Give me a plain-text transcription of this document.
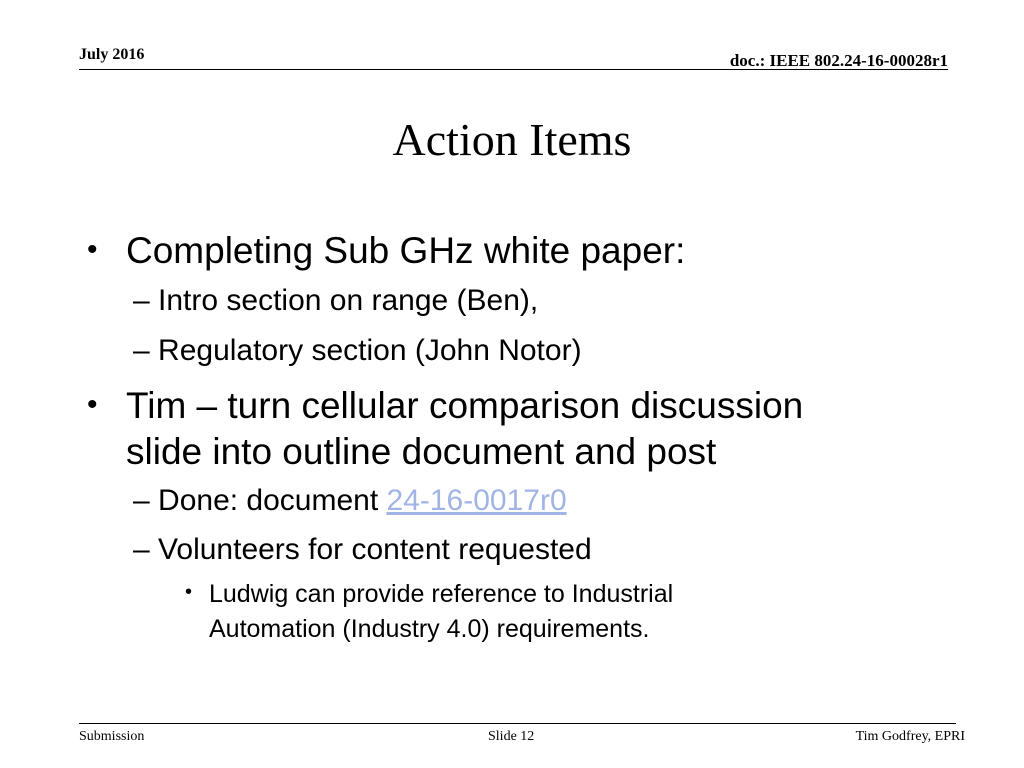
July 2016	doc.: IEEE 802.24-16-00028r1
Action Items
• Completing Sub GHz white paper:
– Intro section on range (Ben),
– Regulatory section (John Notor)
• Tim – turn cellular comparison discussion
slide into outline document and post
– Done: document 24-16-0017r0
– Volunteers for content requested
• Ludwig can provide reference to Industrial
Automation (Industry 4.0) requirements.
Submission	Slide 12	Tim Godfrey, EPRI
